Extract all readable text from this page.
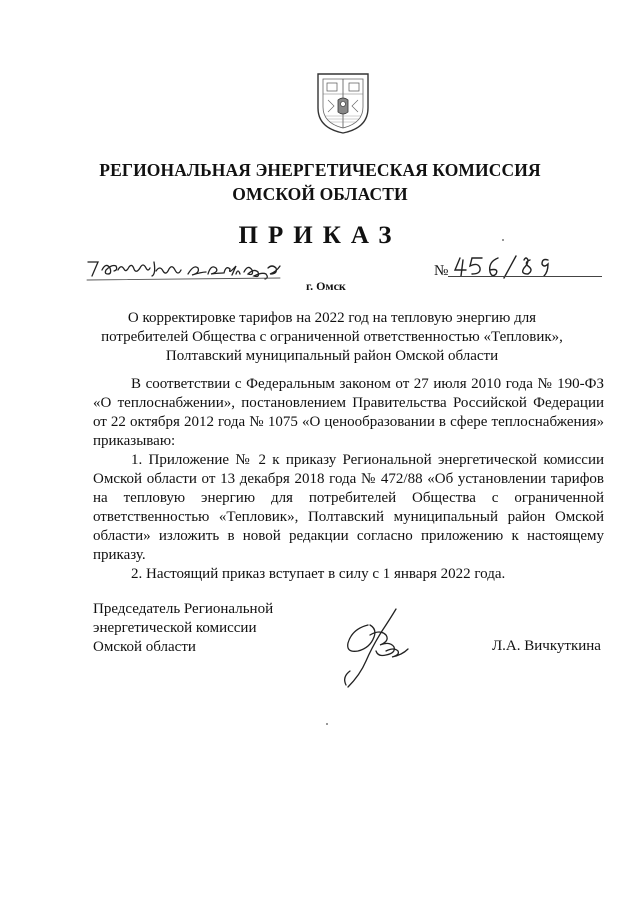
РЕГИОНАЛЬНАЯ ЭНЕРГЕТИЧЕСКАЯ КОМИССИЯ
ОМСКОЙ ОБЛАСТИ
ПРИКАЗ
г. Омск
№
О корректировке тарифов на 2022 год на тепловую энергию для
потребителей Общества с ограниченной ответственностью «Тепловик»,
Полтавский муниципальный район Омской области

В соответствии с Федеральным законом от 27 июля 2010 года № 190-ФЗ «О теплоснабжении», постановлением Правительства Российской Федерации от 22 октября 2012 года № 1075 «О ценообразовании в сфере теплоснабжения» приказываю:

1. Приложение № 2 к приказу Региональной энергетической комиссии Омской области от 13 декабря 2018 года № 472/88 «Об установлении тарифов на тепловую энергию для потребителей Общества с ограниченной ответственностью «Тепловик», Полтавский муниципальный район Омской области» изложить в новой редакции согласно приложению к настоящему приказу.

2. Настоящий приказ вступает в силу с 1 января 2022 года.

Председатель Региональной
энергетической комиссии
Омской области	Л.А. Вичкуткина
